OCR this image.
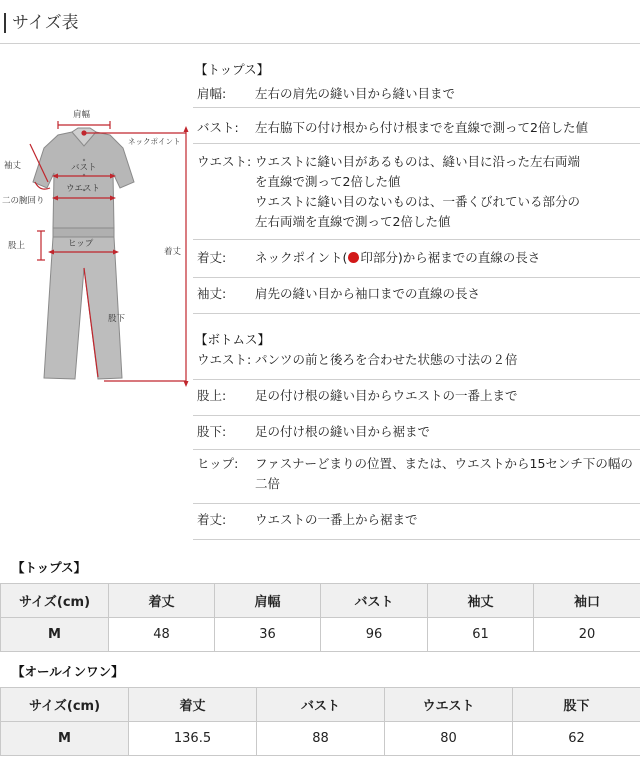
サイズ表
肩幅
ネックポイント
袖丈	バスト
ウエスト
二の腕回り
股上	ヒップ
着丈
股下
【トップス】
肩幅: 左右の肩先の縫い目から縫い目まで

バスト: 左右脇下の付け根から付け根までを直線で測って2倍した値

ウエスト: ウエストに縫い目があるものは、縫い目に沿った左右両端

を直線で測って2倍した値

ウエストに縫い目のないものは、一番くびれている部分の

左右両端を直線で測って2倍した値

着丈: ネックポイント( 印部分)から裾までの直線の長さ

袖丈: 肩先の縫い目から袖口までの直線の長さ

【ボトムス】
ウエスト: パンツの前と後ろを合わせた状態の寸法の２倍

股上: 足の付け根の縫い目からウエストの一番上まで

股下: 足の付け根の縫い目から裾まで

ヒップ: ファスナーどまりの位置、または、ウエストから15センチ下の幅の

二倍

着丈: ウエストの一番上から裾まで

【トップス】
サイズ(cm)	着丈	肩幅	バスト	袖丈	袖口
M	48	36	96	61	20
【オールインワン】
サイズ(cm)	着丈	バスト	ウエスト	股下
M	136.5	88	80	62
